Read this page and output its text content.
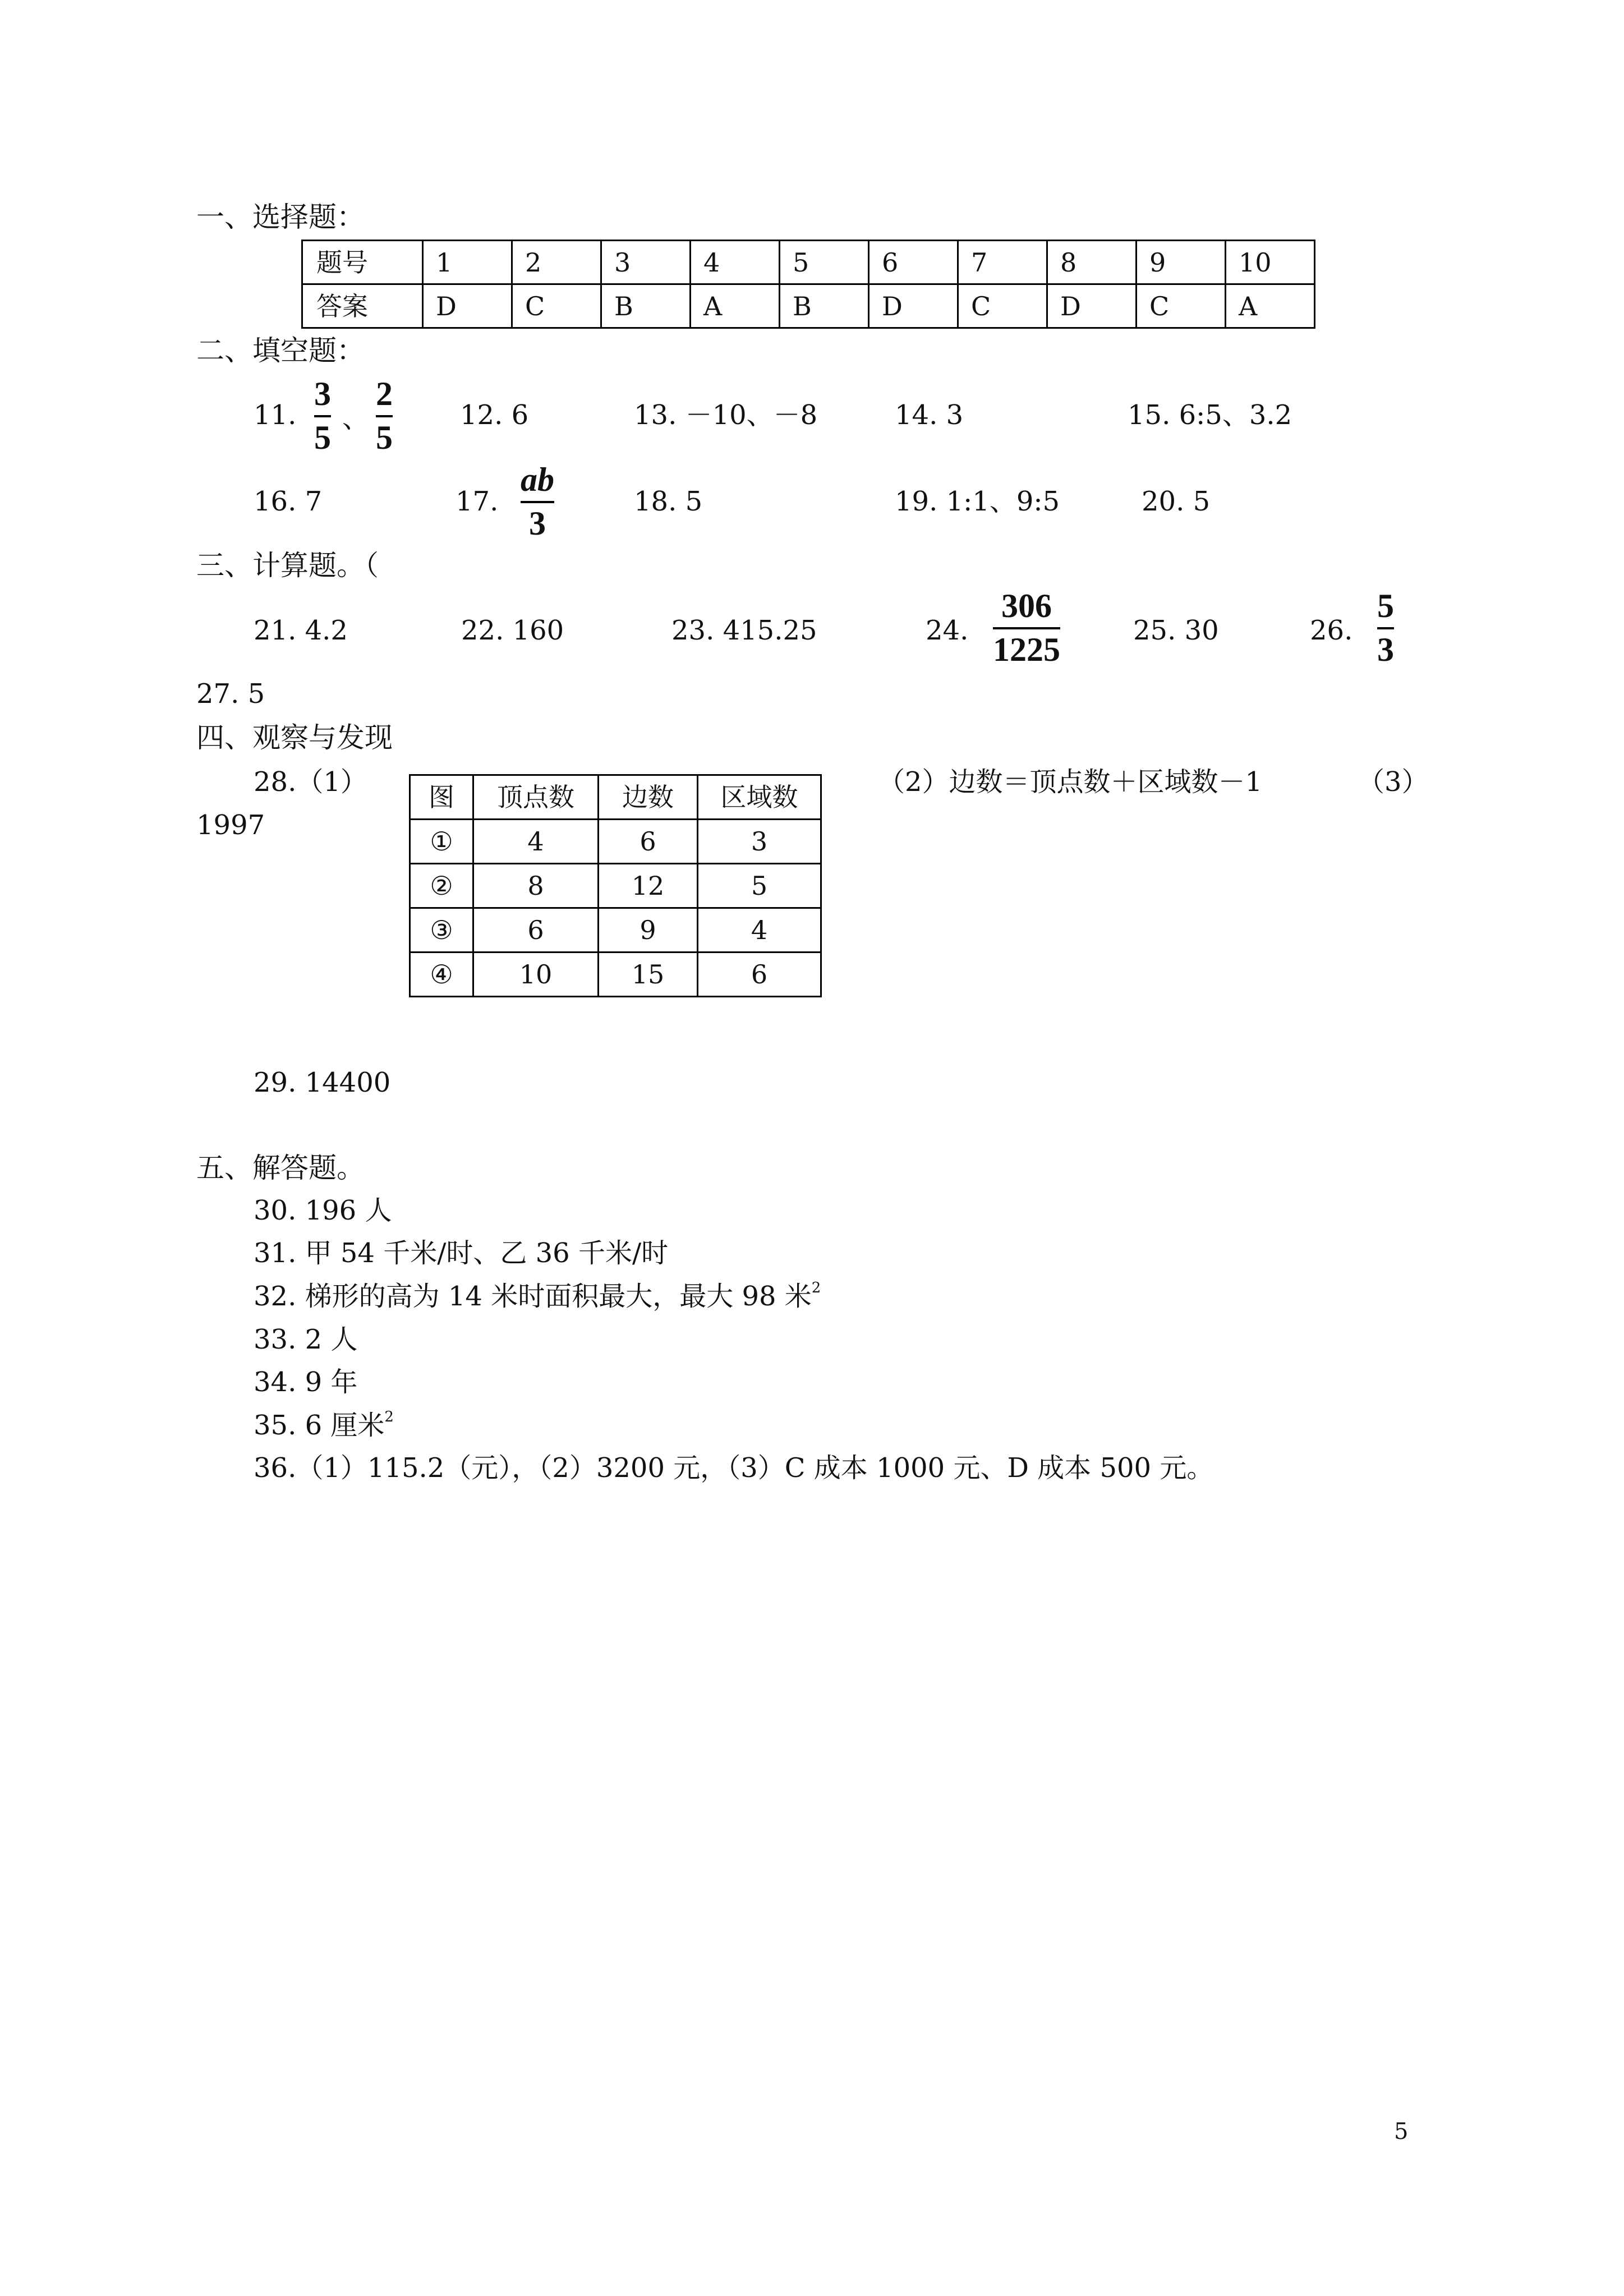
一、选择题：
题号	1	2	3	4	5	6	7	8	9	10
答案	D	C	B	A	B	D	C	D	C	A
二、填空题：
11.
3
5
、
2
5
12. 6	13. －10、－8	14. 3	15. 6:5、3.2
16. 7	17.
ab
3
18. 5	19. 1:1、9:5	20. 5
三、计算题。（
21. 4.2	22. 160	23. 415.25	24.
306
1225
25. 30	26.
5
3
27. 5
四、观察与发现
28.（1）
1997
（2）边数＝顶点数＋区域数－1	（3）
图	顶点数	边数	区域数
①	4	6	3
②	8	12	5
③	6	9	4
④	10	15	6
29. 14400
五、解答题。
30. 196 人
31. 甲 54 千米/时、乙 36 千米/时
32. 梯形的高为 14 米时面积最大，最大 98 米$^2$
33. 2 人
34. 9 年
35. 6 厘米$^2$
36.（1）115.2（元），（2）3200 元，（3）C 成本 1000 元、D 成本 500 元。
5
